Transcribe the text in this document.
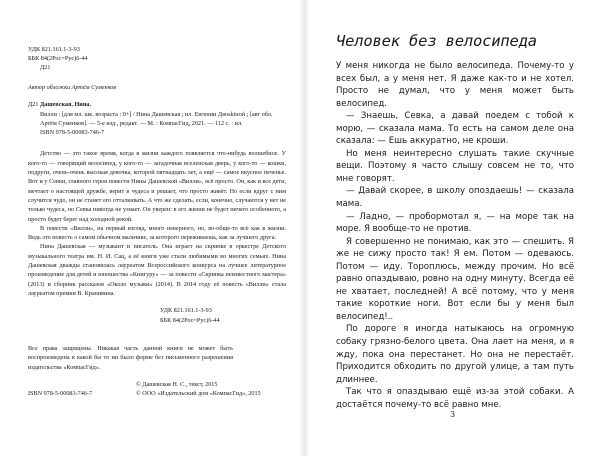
УДК 821.161.1-3-93
ББК 84(2Рос=Рус)6-44
Д21
Автор обложки Артём Суменков
Д21 Дашевская, Нина.
Вилли : [для мл. шк. возраста : 0+] / Нина Дашевская ; ил. Евгении Двоskiной ; [авт обл. Артём Суменков]. — 5-е изд., редакт. — М. : КомпасГид, 2021. — 112 с. : ил.
ISBN 978-5-00083-746-7

Детство — это такое время, когда в жизни каждого появляется что-нибудь волшебное. У кого-то — говорящий велосипед, у кого-то — загадочная вселенская дверь, у кого-то — кошки, подруги, очень-очень высокая девочка, которой пятнадцать лет, а ещё — самое вкусное печенье. Вот и у Севки, главного героя повести Нины Дашевской «Вилли», всё просто. Он, как и все дети, мечтает о настоящей дружбе, верит в чудеса и решает, что просто живёт. Но если вдруг с ним случится чудо, он не станет его отталкивать. А что же сделать, если, конечно, случаются у нет не только чудеса, но Севка никогда не узнает. Он уверен: в его жизни не будет ничего особенного, а просто будет берег над холодной рекой.

В повести «Вилли», на первый взгляд, много неверного, но, во-обще-то всё как в жизни. Ведь это повесть о самом обычном мальчике, за которого переживаешь, как за лучшего друга.

Нина Дашевская — музыкант и писатель. Она играет на скрипке в оркестре Детского музыкального театра им. Н. И. Сац, а её книги уже стали любимыми во многих семьях. Нина Дашевская дважды становилась лауреатом Всероссийского конкурса на лучшее литературное произведение для детей и юношества «Книгуру» — за повести «Скрипка неизвестного мастера» (2013) и сборник рассказов «Около музыки» (2014). В 2014 году её повесть «Вилли» стала лауреатом премии В. Крапивина.

УДК 821.161.1-3-93
ББК 84(2Рос=Рус)6-44
Все права защищены. Никакая часть данной книги не может быть воспроизведена в какой бы то ни было форме без письменного разрешения издательства «КомпасГид».
ISBN 978-5-00083-746-7
© Дашевская Н. С., текст, 2015
© ООО «Издательский дом «КомпасГид», 2015
Человек без велосипеда

У меня никогда не было велосипеда. Почему-то у всех был, а у меня нет. Я даже как-то и не хотел. Просто не думал, что у меня может быть велосипед.

— Знаешь, Севка, а давай поедем с тобой к морю, — сказала мама. То есть на самом деле она сказала: — Ешь аккуратно, не кроши.

Но меня неинтересно слушать такие скучные вещи. Поэтому я часто слышу совсем не то, что мне говорят.

— Давай скорее, в школу опоздаешь! — сказала мама.

— Ладно, — пробормотал я, — на море так на море. Я вообще-то не против.

Я совершенно не понимаю, как это — спешить. Я же не сижу просто так! Я ем. Потом — одеваюсь. Потом — иду. Тороплюсь, между прочим. Но всё равно опаздываю, ровно на одну минуту. Всегда её не хватает, последней! А всё потому, что у меня такие короткие ноги. Вот если бы у меня был велосипед!..

По дороге я иногда натыкаюсь на огромную собаку грязно-белого цвета. Она лает на меня, и я жду, пока она перестанет. Но она не перестаёт. Приходится обходить по другой улице, а там путь длиннее.

Так что я опаздываю ещё из-за этой собаки. А достаётся почему-то всё равно мне.

3
